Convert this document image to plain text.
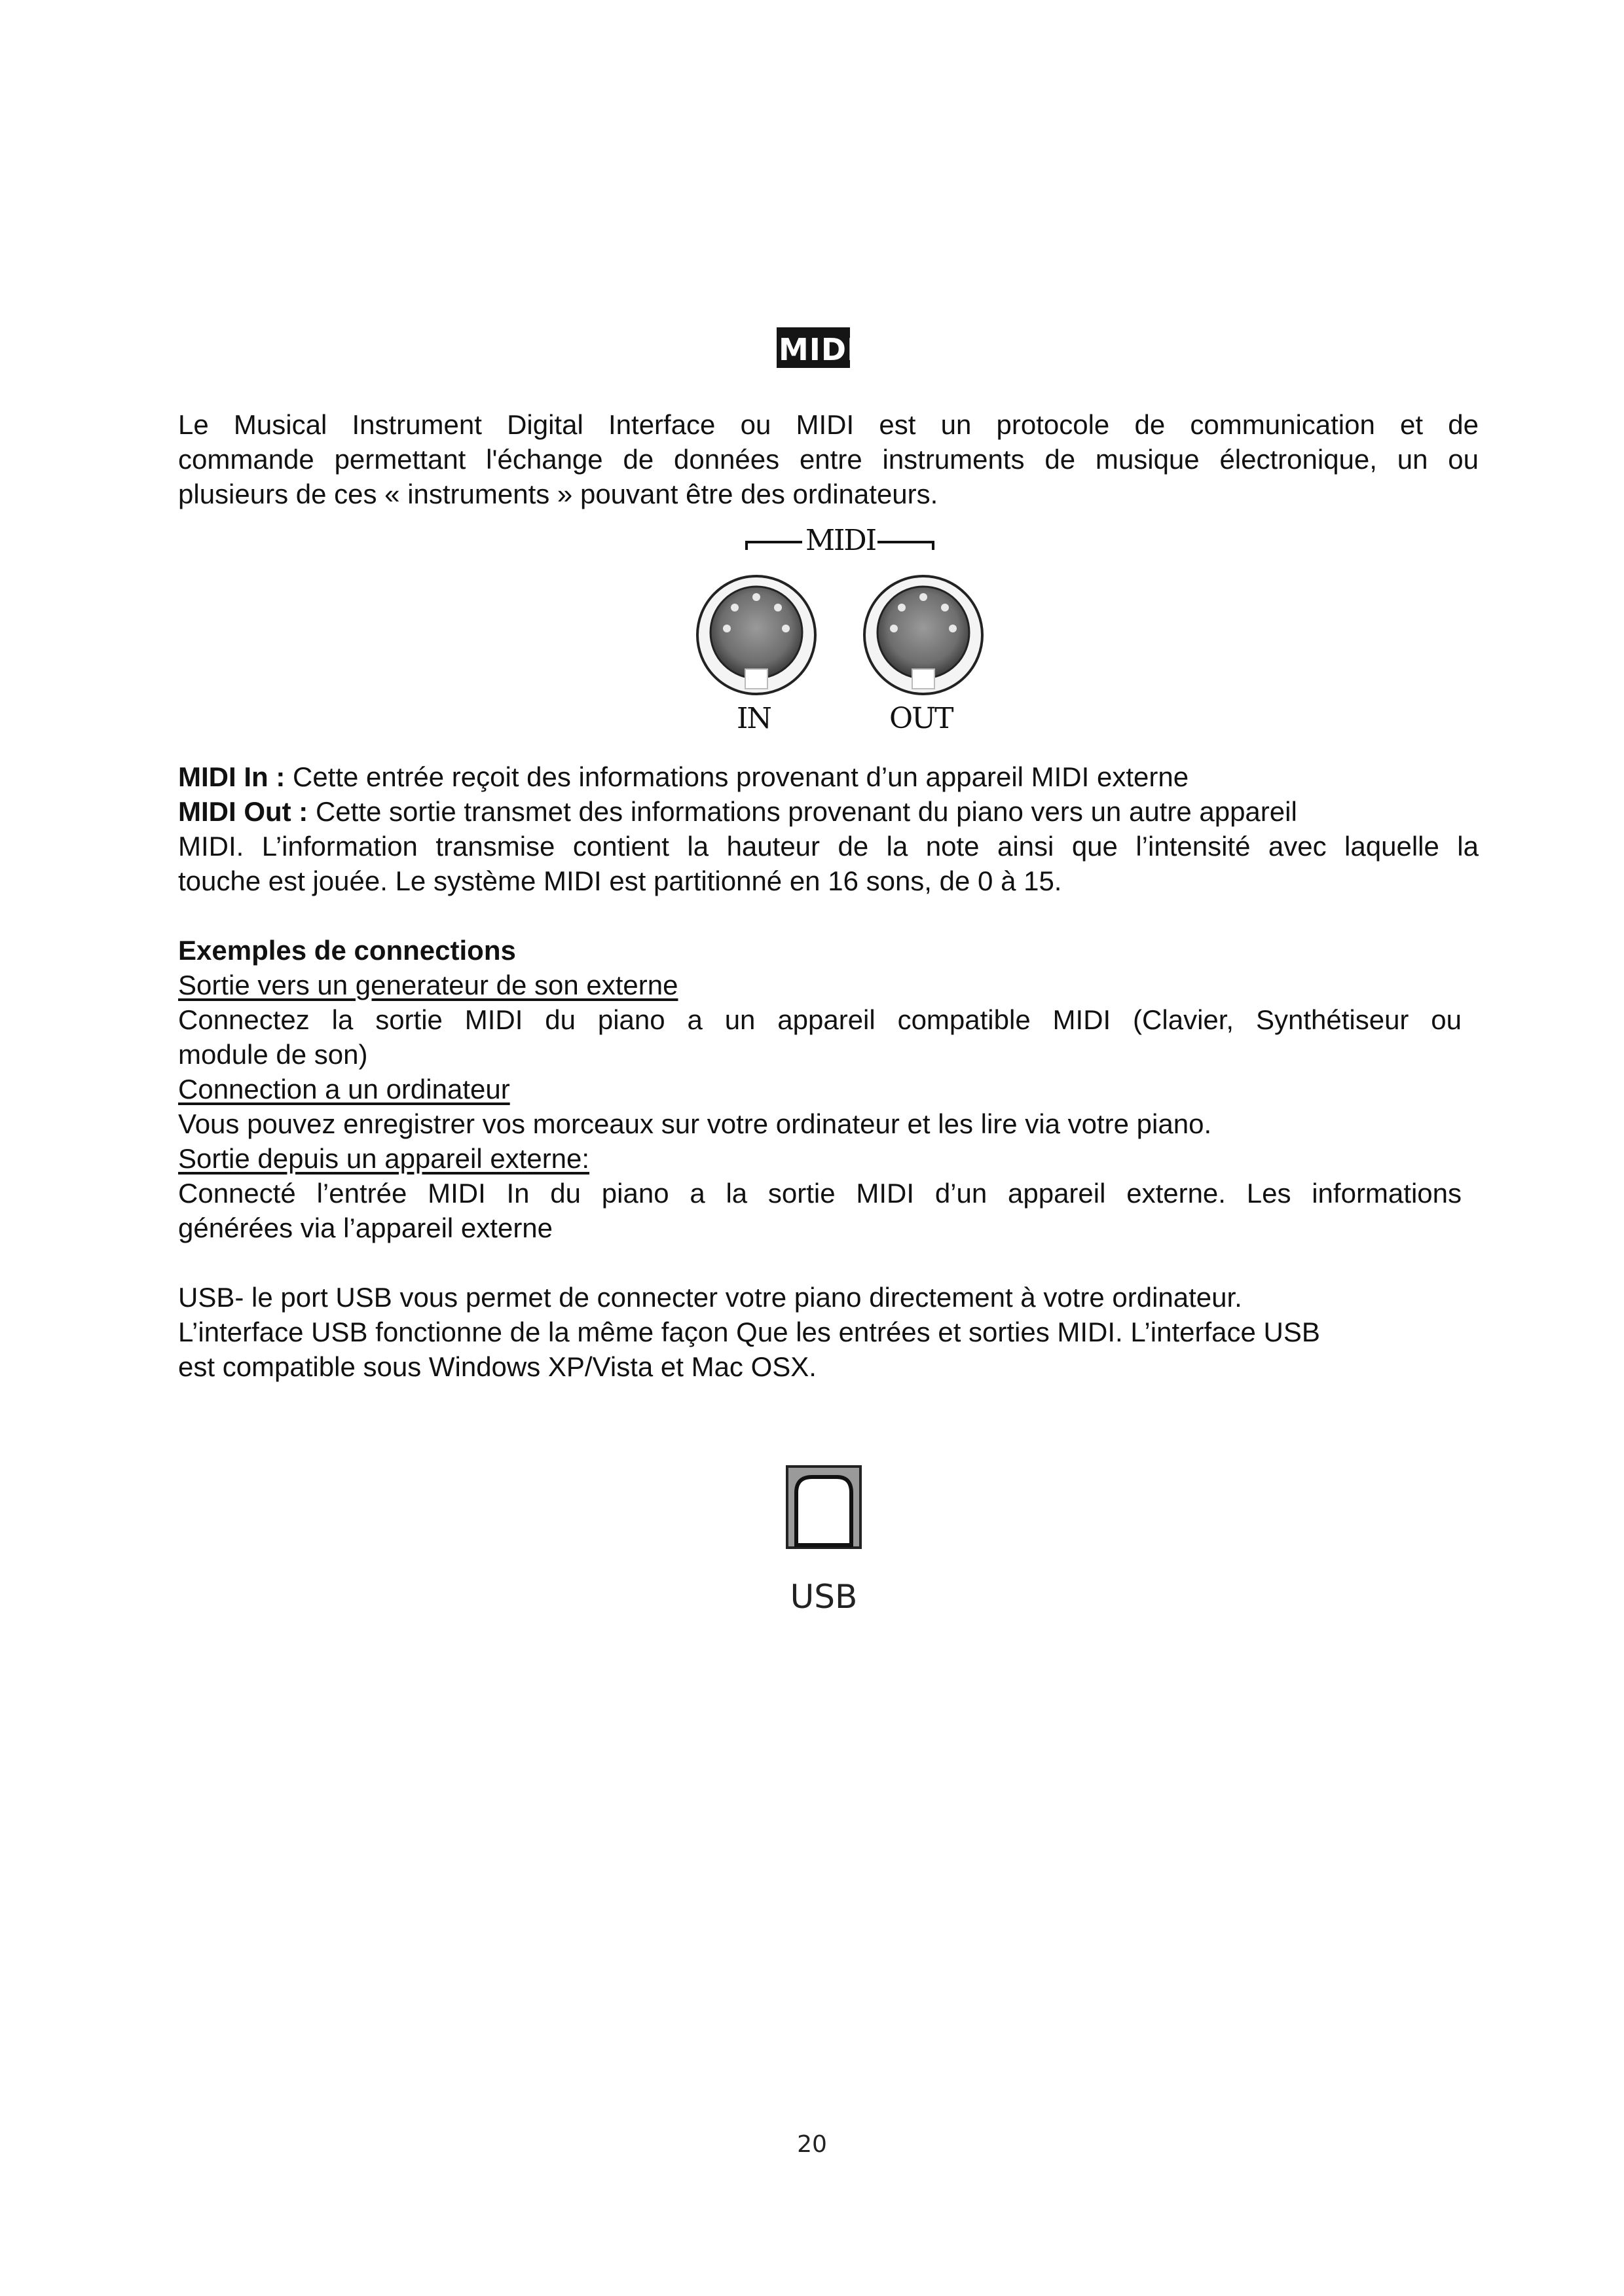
MIDI
Le Musical Instrument Digital Interface ou MIDI est un protocole de communication et de
commande permettant l'échange de données entre instruments de musique électronique, un ou
plusieurs de ces « instruments » pouvant être des ordinateurs.
MIDI
IN	OUT
MIDI In : Cette entrée reçoit des informations provenant d’un appareil MIDI externe
MIDI Out : Cette sortie transmet des informations provenant du piano vers un autre appareil
MIDI. L’information transmise contient la hauteur de la note ainsi que l’intensité avec laquelle la
touche est jouée. Le système MIDI est partitionné en 16 sons, de 0 à 15.
Exemples de connections
Sortie vers un generateur de son externe
Connectez la sortie MIDI du piano a un appareil compatible MIDI (Clavier, Synthétiseur ou
module de son)
Connection a un ordinateur
Vous pouvez enregistrer vos morceaux sur votre ordinateur et les lire via votre piano.
Sortie depuis un appareil externe:
Connecté l’entrée MIDI In du piano a la sortie MIDI d’un appareil externe. Les informations
générées via l’appareil externe
USB- le port USB vous permet de connecter votre piano directement à votre ordinateur.
L’interface USB fonctionne de la même façon Que les entrées et sorties MIDI. L’interface USB
est compatible sous Windows XP/Vista et Mac OSX.
USB
20
